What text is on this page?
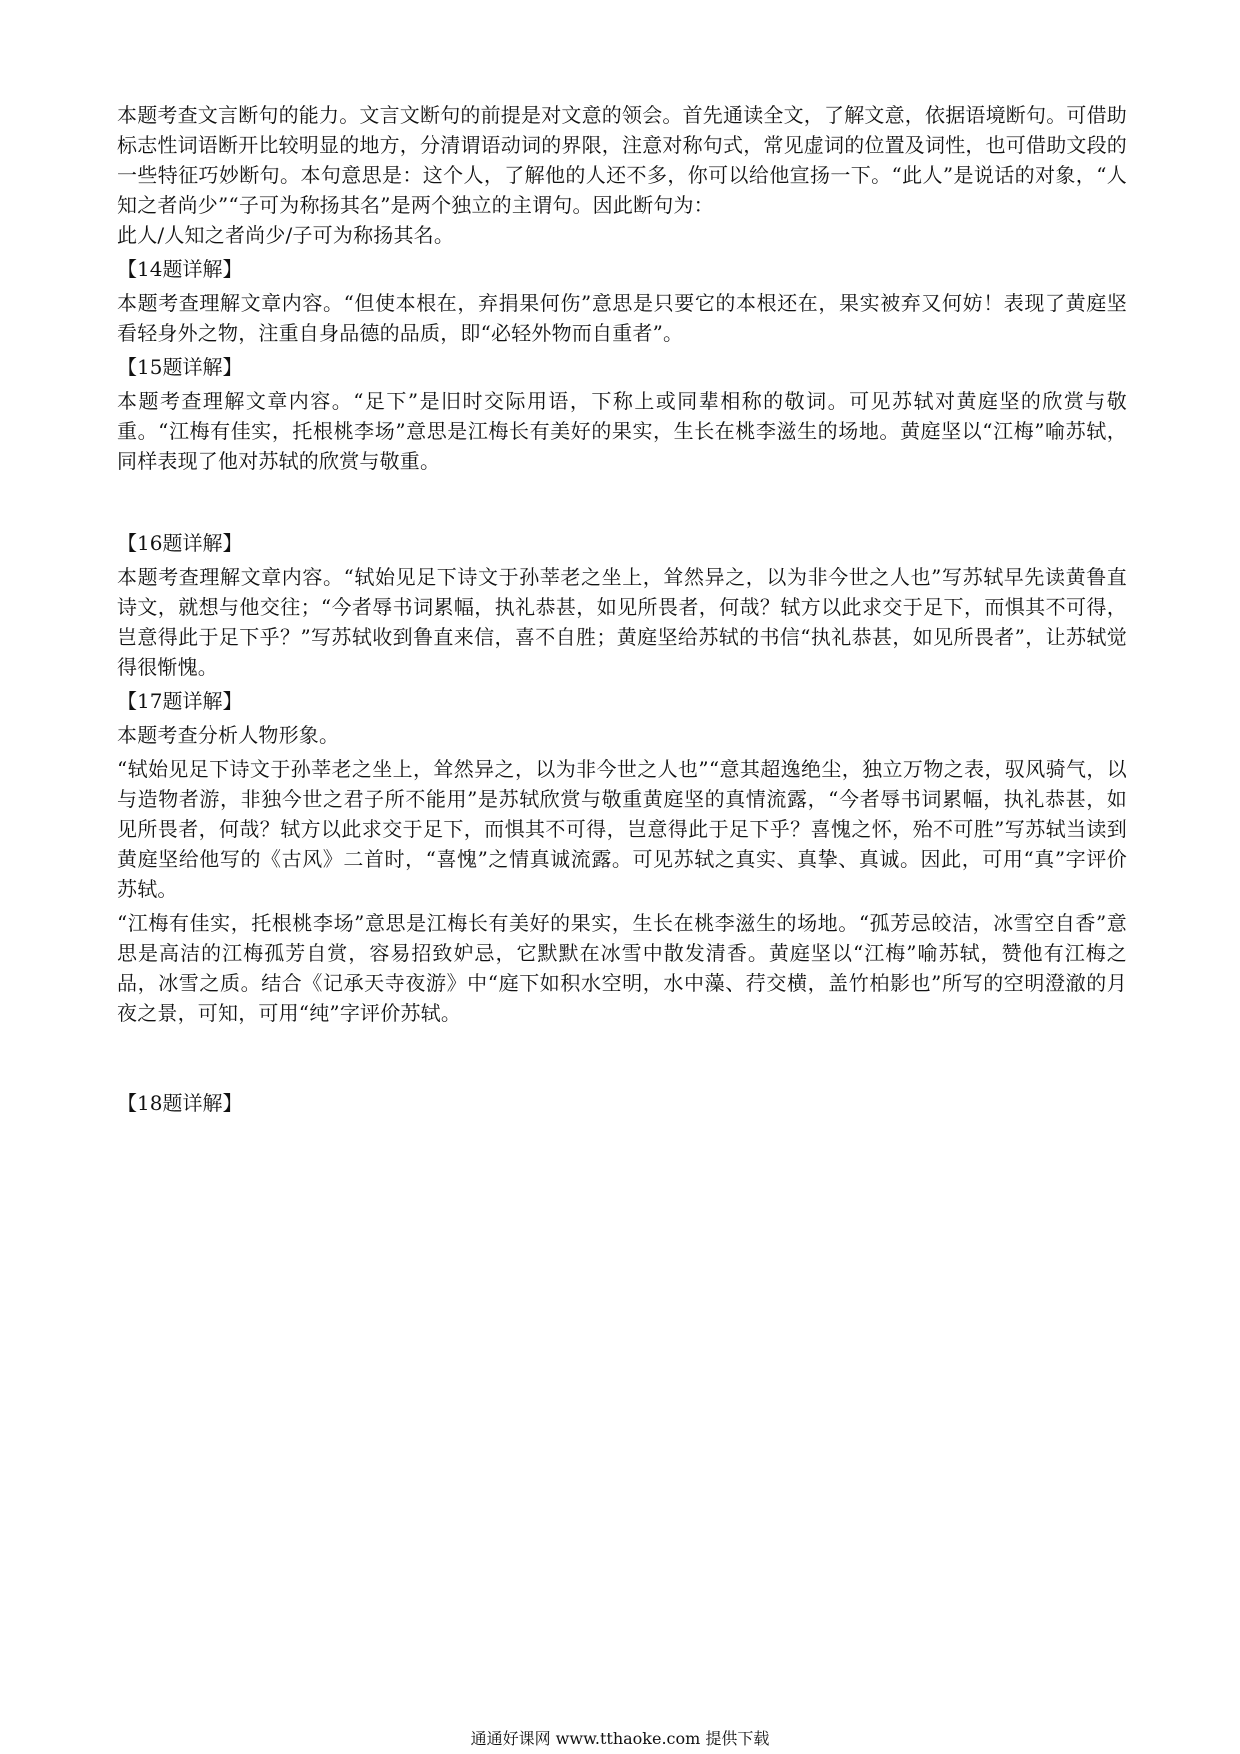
本题考查文言断句的能力。文言文断句的前提是对文意的领会。首先通读全文，了解文意，依据语境断句。可借助标志性词语断开比较明显的地方，分清谓语动词的界限，注意对称句式，常见虚词的位置及词性，也可借助文段的一些特征巧妙断句。本句意思是：这个人，了解他的人还不多，你可以给他宣扬一下。“此人”是说话的对象，“人知之者尚少”“子可为称扬其名”是两个独立的主谓句。因此断句为：

此人/人知之者尚少/子可为称扬其名。

【14题详解】

本题考查理解文章内容。“但使本根在，弃捐果何伤”意思是只要它的本根还在，果实被弃又何妨！表现了黄庭坚看轻身外之物，注重自身品德的品质，即“必轻外物而自重者”。

【15题详解】

本题考查理解文章内容。“足下”是旧时交际用语，下称上或同辈相称的敬词。可见苏轼对黄庭坚的欣赏与敬重。“江梅有佳实，托根桃李场”意思是江梅长有美好的果实，生长在桃李滋生的场地。黄庭坚以“江梅”喻苏轼，同样表现了他对苏轼的欣赏与敬重。

【16题详解】

本题考查理解文章内容。“轼始见足下诗文于孙莘老之坐上，耸然异之，以为非今世之人也”写苏轼早先读黄鲁直诗文，就想与他交往；“今者辱书词累幅，执礼恭甚，如见所畏者，何哉？轼方以此求交于足下，而惧其不可得，岂意得此于足下乎？”写苏轼收到鲁直来信，喜不自胜；黄庭坚给苏轼的书信“执礼恭甚，如见所畏者”，让苏轼觉得很惭愧。

【17题详解】

本题考查分析人物形象。

“轼始见足下诗文于孙莘老之坐上，耸然异之，以为非今世之人也”“意其超逸绝尘，独立万物之表，驭风骑气，以与造物者游，非独今世之君子所不能用”是苏轼欣赏与敬重黄庭坚的真情流露，“今者辱书词累幅，执礼恭甚，如见所畏者，何哉？轼方以此求交于足下，而惧其不可得，岂意得此于足下乎？喜愧之怀，殆不可胜”写苏轼当读到黄庭坚给他写的《古风》二首时，“喜愧”之情真诚流露。可见苏轼之真实、真挚、真诚。因此，可用“真”字评价苏轼。

“江梅有佳实，托根桃李场”意思是江梅长有美好的果实，生长在桃李滋生的场地。“孤芳忌皎洁，冰雪空自香”意思是高洁的江梅孤芳自赏，容易招致妒忌，它默默在冰雪中散发清香。黄庭坚以“江梅”喻苏轼，赞他有江梅之品，冰雪之质。结合《记承天寺夜游》中“庭下如积水空明，水中藻、荇交横，盖竹柏影也”所写的空明澄澈的月夜之景，可知，可用“纯”字评价苏轼。

【18题详解】

通通好课网 www.tthaoke.com 提供下载
